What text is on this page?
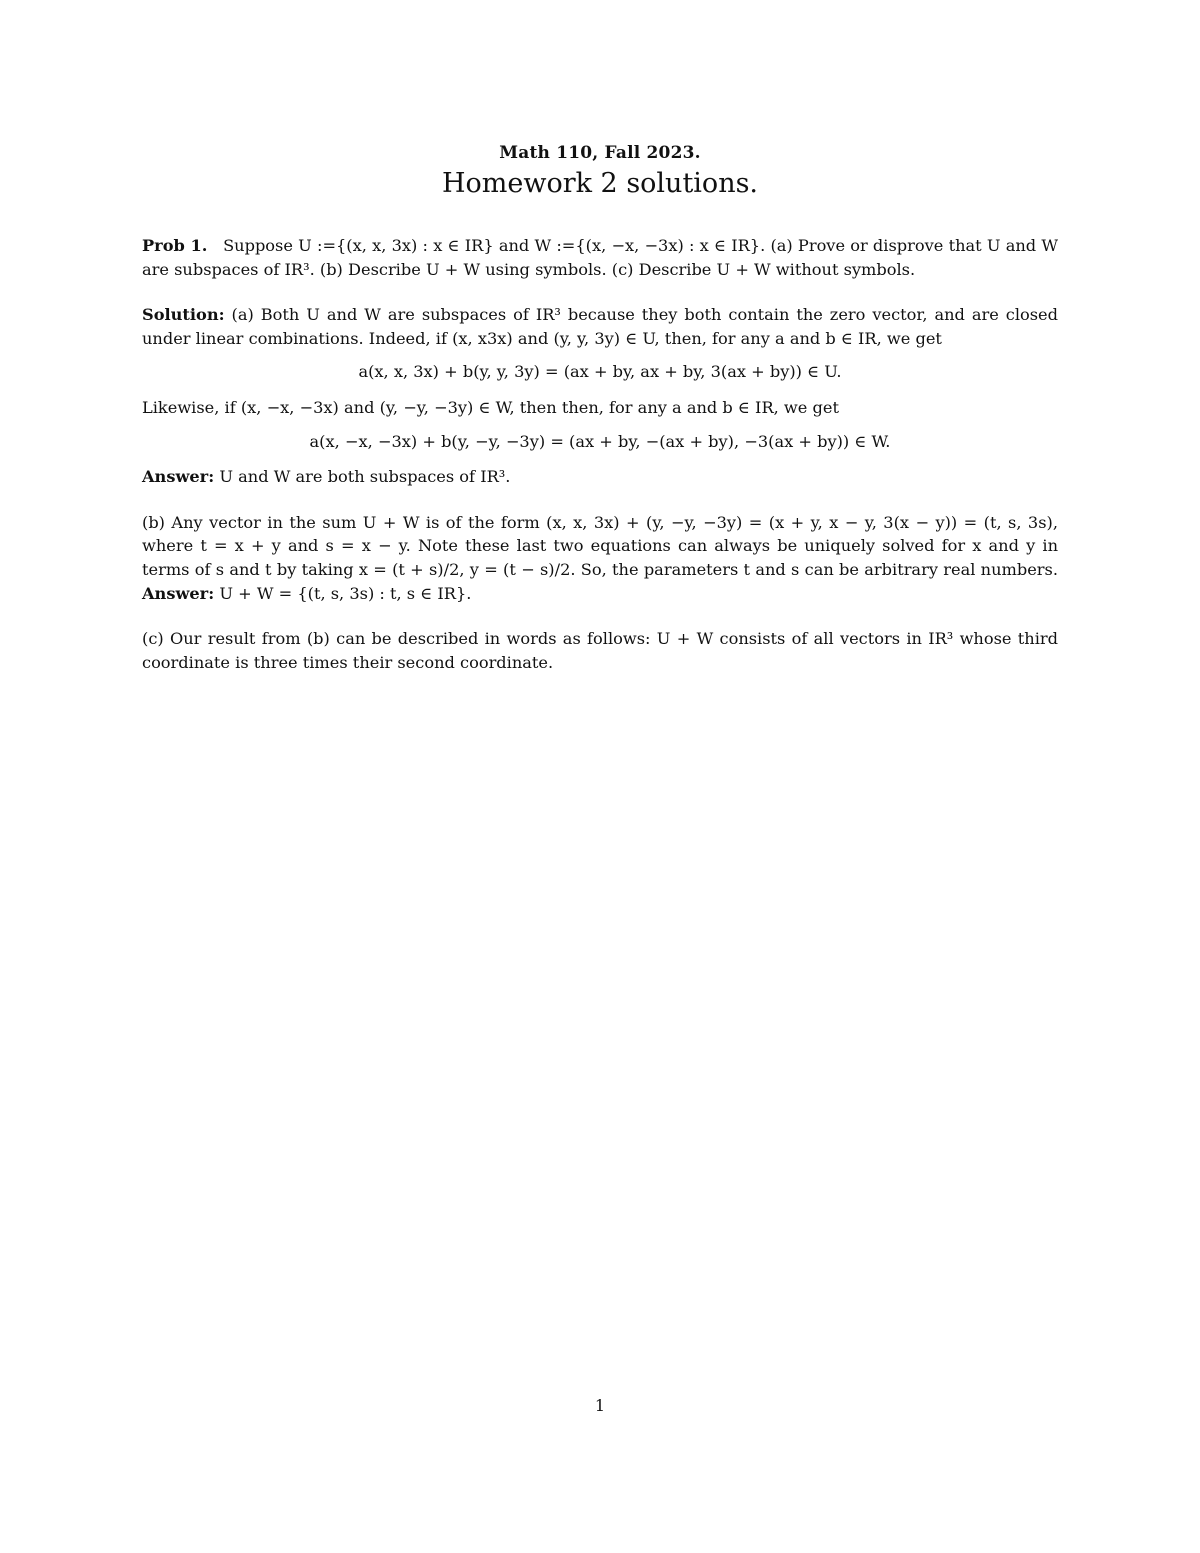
Math 110, Fall 2023.
Homework 2 solutions.

Prob 1. Suppose U :={(x, x, 3x) : x ∈ IR} and W :={(x, −x, −3x) : x ∈ IR}. (a) Prove or disprove that U and W are subspaces of IR³. (b) Describe U + W using symbols. (c) Describe U + W without symbols.

Solution: (a) Both U and W are subspaces of IR³ because they both contain the zero vector, and are closed under linear combinations. Indeed, if (x, x3x) and (y, y, 3y) ∈ U, then, for any a and b ∈ IR, we get

a(x, x, 3x) + b(y, y, 3y) = (ax + by, ax + by, 3(ax + by)) ∈ U.

Likewise, if (x, −x, −3x) and (y, −y, −3y) ∈ W, then then, for any a and b ∈ IR, we get

a(x, −x, −3x) + b(y, −y, −3y) = (ax + by, −(ax + by), −3(ax + by)) ∈ W.

Answer: U and W are both subspaces of IR³.

(b) Any vector in the sum U + W is of the form (x, x, 3x) + (y, −y, −3y) = (x + y, x − y, 3(x − y)) = (t, s, 3s), where t = x + y and s = x − y. Note these last two equations can always be uniquely solved for x and y in terms of s and t by taking x = (t + s)/2, y = (t − s)/2. So, the parameters t and s can be arbitrary real numbers. Answer: U + W = {(t, s, 3s) : t, s ∈ IR}.

(c) Our result from (b) can be described in words as follows: U + W consists of all vectors in IR³ whose third coordinate is three times their second coordinate.

1
